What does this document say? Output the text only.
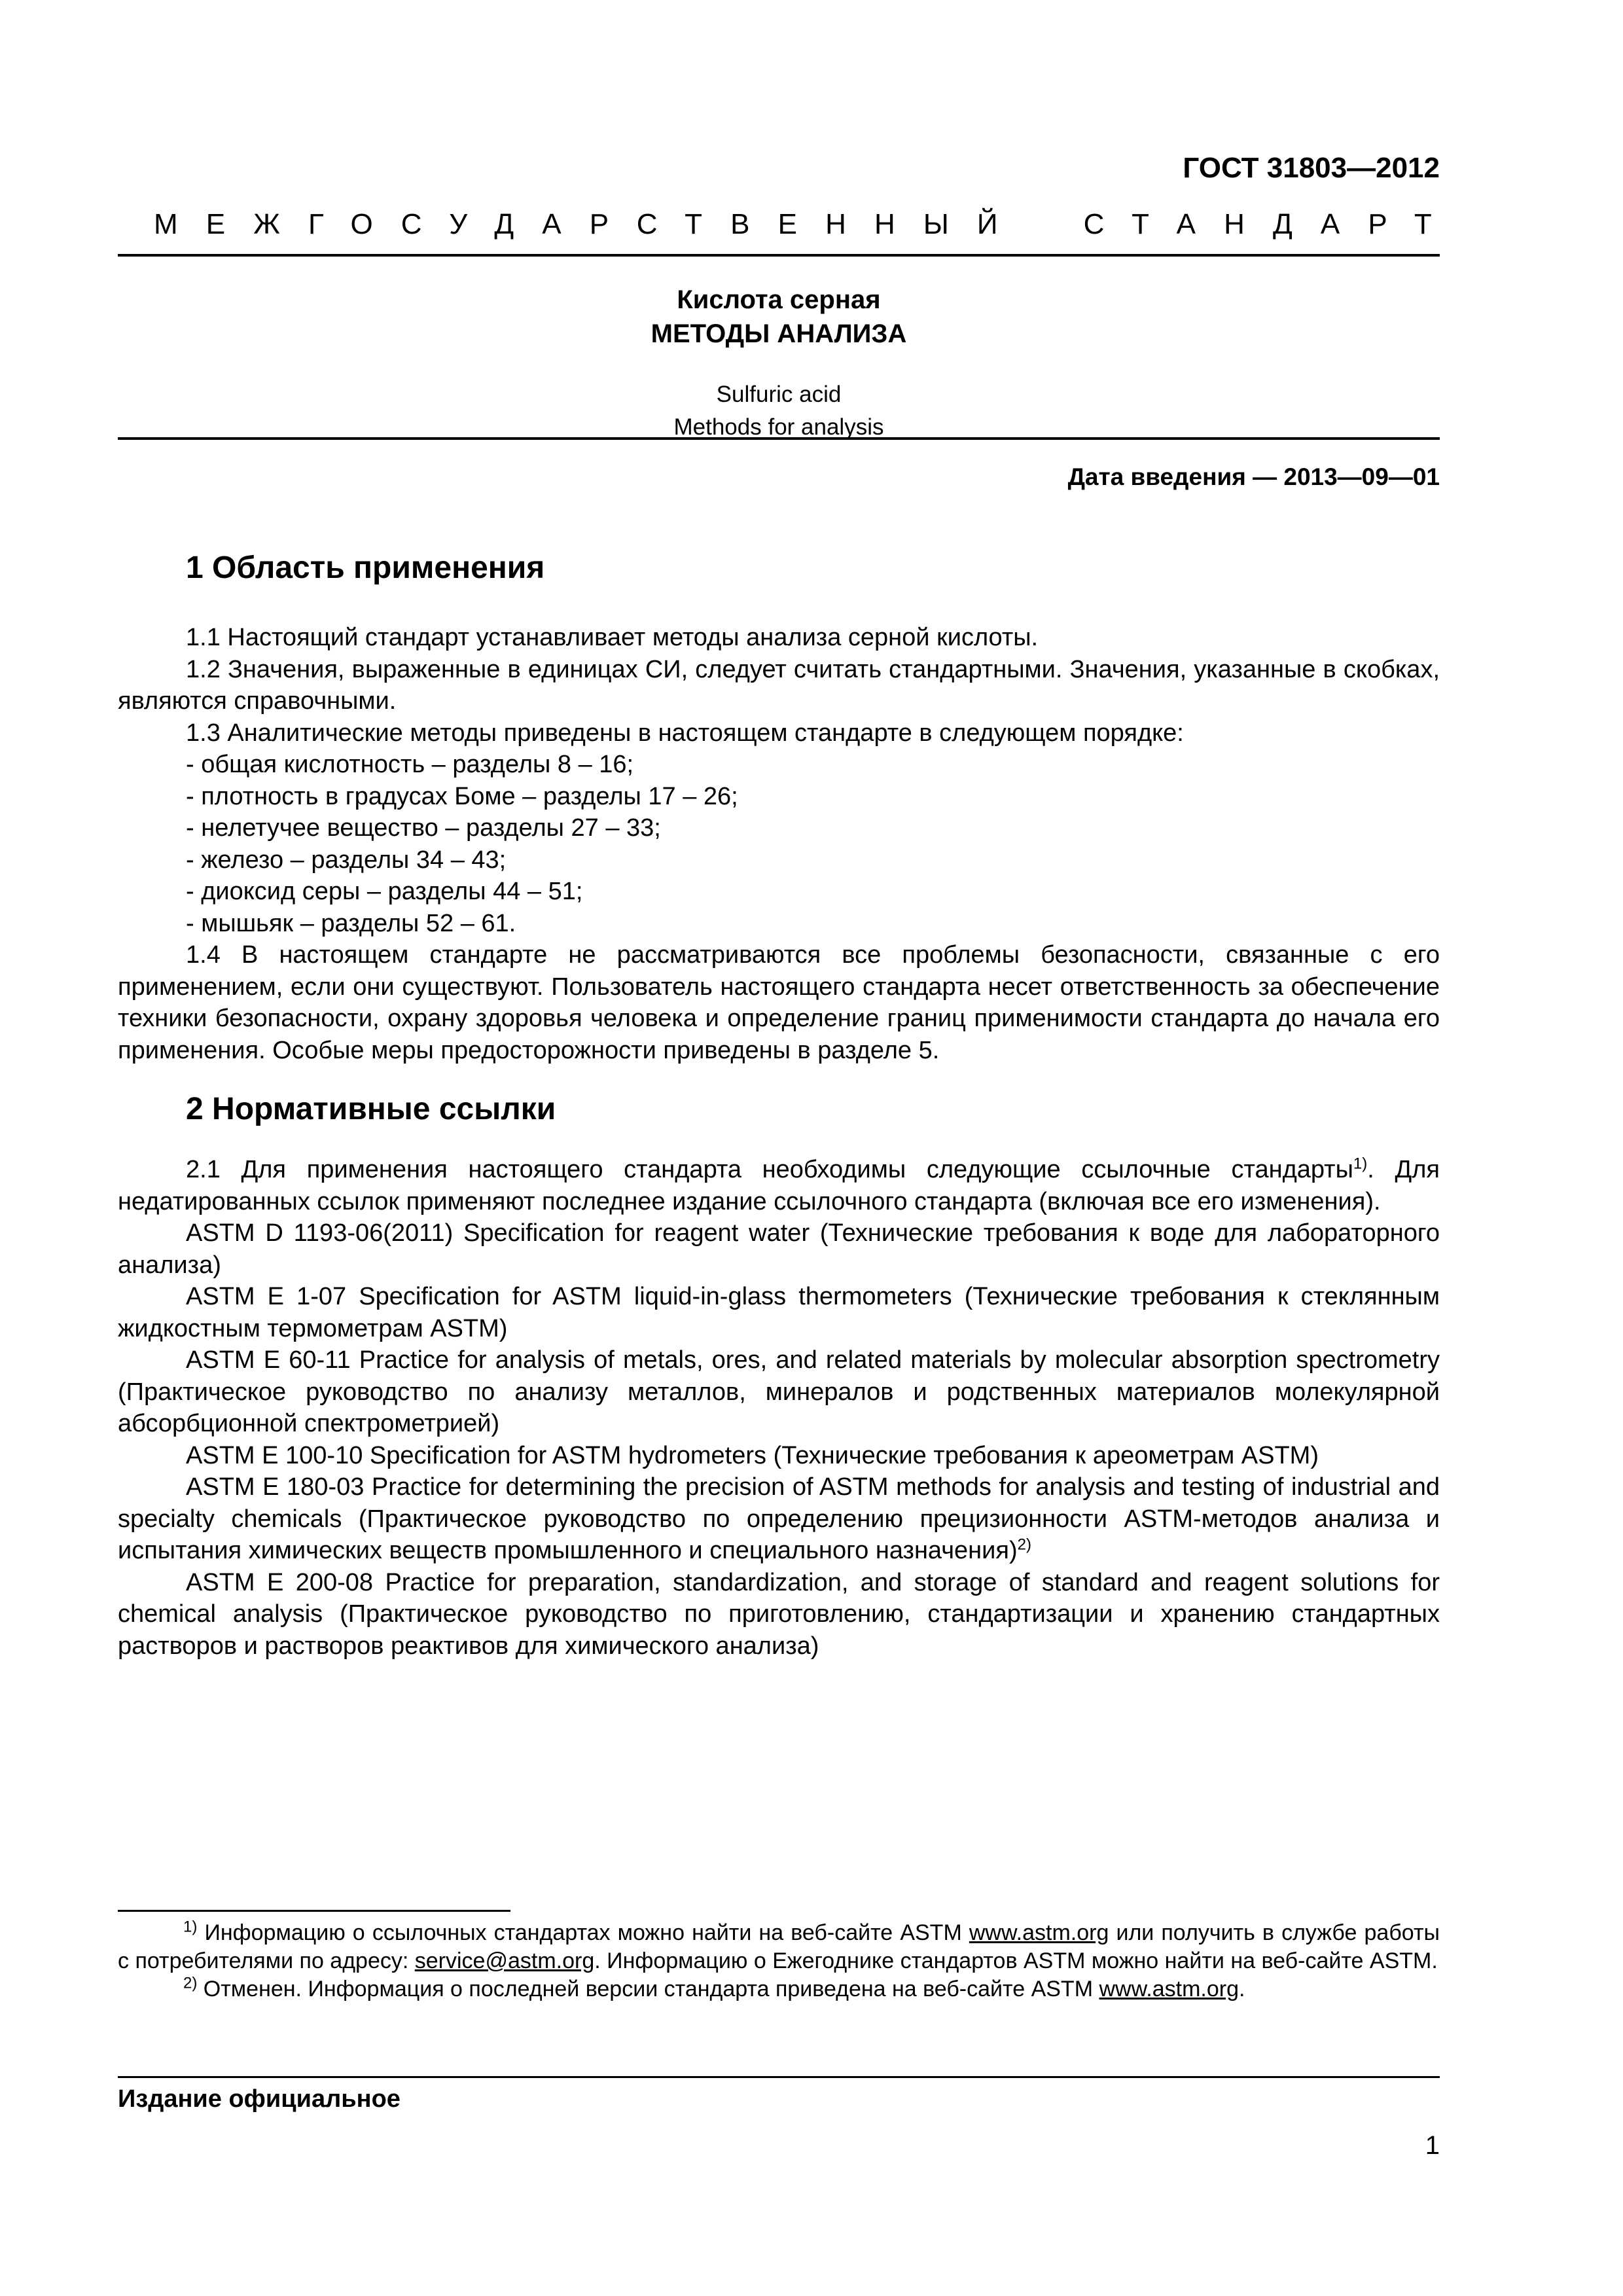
ГОСТ 31803—2012
МЕЖГОСУДАРСТВЕННЫЙ	СТАНДАРТ
Кислота серная
МЕТОДЫ АНАЛИЗА
Sulfuric acid
Methods for analysis
Дата введения — 2013—09—01
1 Область применения

1.1 Настоящий стандарт устанавливает методы анализа серной кислоты.

1.2 Значения, выраженные в единицах СИ, следует считать стандартными. Значения, указанные в скобках, являются справочными.

1.3 Аналитические методы приведены в настоящем стандарте в следующем порядке:

- общая кислотность – разделы 8 – 16;

- плотность в градусах Боме – разделы 17 – 26;

- нелетучее вещество – разделы 27 – 33;

- железо – разделы 34 – 43;

- диоксид серы – разделы 44 – 51;

- мышьяк – разделы 52 – 61.

1.4 В настоящем стандарте не рассматриваются все проблемы безопасности, связанные с его применением, если они существуют. Пользователь настоящего стандарта несет ответственность за обеспечение техники безопасности, охрану здоровья человека и определение границ применимости стандарта до начала его применения. Особые меры предосторожности приведены в разделе 5.

2 Нормативные ссылки

2.1 Для применения настоящего стандарта необходимы следующие ссылочные стандарты$^{1)}$. Для недатированных ссылок применяют последнее издание ссылочного стандарта (включая все его изменения).

ASTM D 1193-06(2011) Specification for reagent water (Технические требования к воде для лабораторного анализа)

ASTM E 1-07 Specification for ASTM liquid-in-glass thermometers (Технические требования к стеклянным жидкостным термометрам ASTM)

ASTM E 60-11 Practice for analysis of metals, ores, and related materials by molecular absorption spectrometry (Практическое руководство по анализу металлов, минералов и родственных материалов молекулярной абсорбционной спектрометрией)

ASTM E 100-10 Specification for ASTM hydrometers (Технические требования к ареометрам ASTM)

ASTM E 180-03 Practice for determining the precision of ASTM methods for analysis and testing of industrial and specialty chemicals (Практическое руководство по определению прецизионности ASTM-методов анализа и испытания химических веществ промышленного и специального назначения)$^{2)}$

ASTM E 200-08 Practice for preparation, standardization, and storage of standard and reagent solutions for chemical analysis (Практическое руководство по приготовлению, стандартизации и хранению стандартных растворов и растворов реактивов для химического анализа)

$^{1)}$ Информацию о ссылочных стандартах можно найти на веб-сайте ASTM www.astm.org или получить в службе работы с потребителями по адресу: service@astm.org. Информацию о Ежегоднике стандартов ASTM можно найти на веб-сайте ASTM.

$^{2)}$ Отменен. Информация о последней версии стандарта приведена на веб-сайте ASTM www.astm.org.

Издание официальное
1
